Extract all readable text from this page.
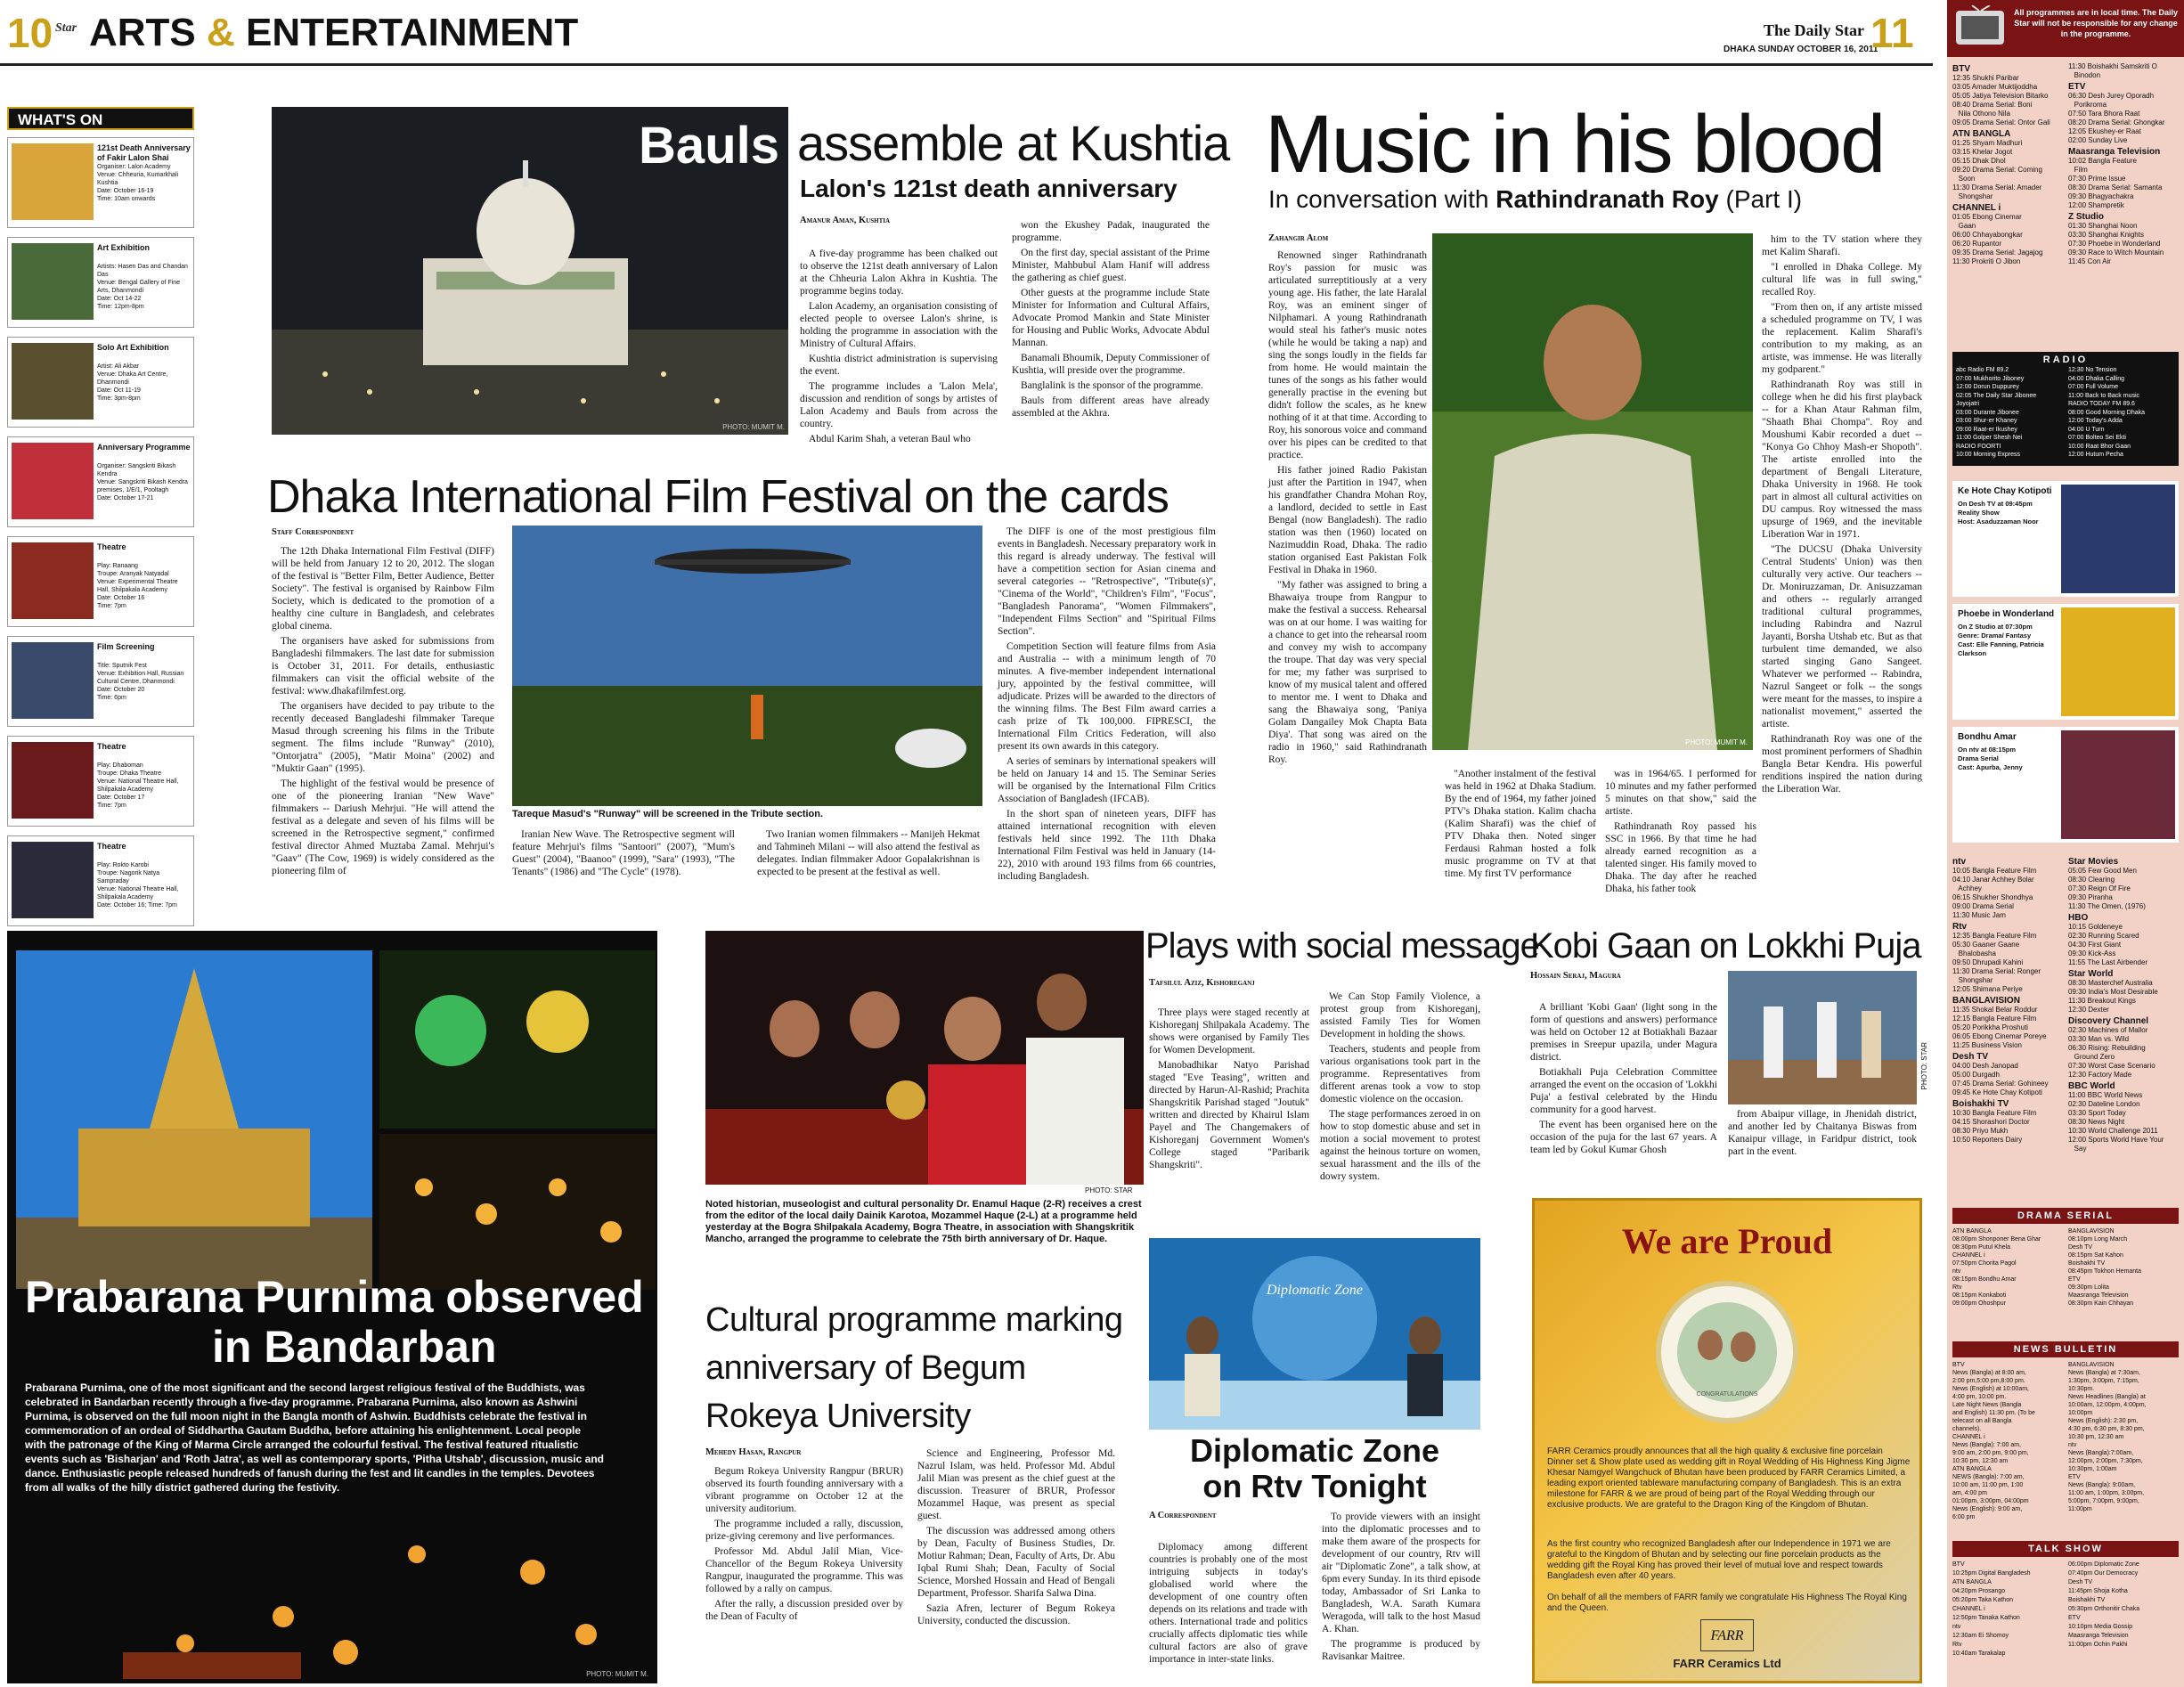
10 Star ARTS & ENTERTAINMENT	The Daily Star
DHAKA SUNDAY OCTOBER 16, 2011
11
WHAT'S ON
121st Death Anniversary of Fakir Lalon Shai
Organiser: Lalon Academy
Venue: Chheuria, Kumarkhali Kushtia
Date: October 16-19
Time: 10am onwards
Art Exhibition
Artists: Hasen Das and Chandan Das
Venue: Bengal Gallery of Fine Arts, Dhanmondi
Date: Oct 14-22
Time: 12pm-8pm
Solo Art Exhibition
Artist: Ali Akbar
Venue: Dhaka Art Centre, Dhanmondi
Date: Oct 11-19
Time: 3pm-8pm
Anniversary Programme
Organiser: Sangskriti Bikash Kendra
Venue: Sangskriti Bikash Kendra premises, 1/E/1, Pooltagh
Date: October 17-21
Theatre
Play: Ranaang
Troupe: Aranyak Natyadal
Venue: Experimental Theatre Hall, Shilpakala Academy
Date: October 16
Time: 7pm
Film Screening
Title: Sputnik Fest
Venue: Exhibition Hall, Russian Cultural Centre, Dhanmondi
Date: October 20
Time: 6pm
Theatre
Play: Dhaboman
Troupe: Dhaka Theatre
Venue: National Theatre Hall, Shilpakala Academy
Date: October 17
Time: 7pm
Theatre
Play: Rokto Karobi
Troupe: Nagorik Natya Sampraday
Venue: National Theatre Hall, Shilpakala Academy
Date: October 16; Time: 7pm
PHOTO: MUMIT M.
Bauls assemble at Kushtia
Lalon's 121st death anniversary
Amanur Aman, Kushtia

A five-day programme has been chalked out to observe the 121st death anniversary of Lalon at the Chheuria Lalon Akhra in Kushtia. The programme begins today.

Lalon Academy, an organisation consisting of elected people to oversee Lalon's shrine, is holding the programme in association with the Ministry of Cultural Affairs.

Kushtia district administration is supervising the event.

The programme includes a 'Lalon Mela', discussion and rendition of songs by artistes of Lalon Academy and Bauls from across the country.

Abdul Karim Shah, a veteran Baul who

won the Ekushey Padak, inaugurated the programme.

On the first day, special assistant of the Prime Minister, Mahbubul Alam Hanif will address the gathering as chief guest.

Other guests at the programme include State Minister for Information and Cultural Affairs, Advocate Promod Mankin and State Minister for Housing and Public Works, Advocate Abdul Mannan.

Banamali Bhoumik, Deputy Commissioner of Kushtia, will preside over the programme.

Banglalink is the sponsor of the programme.

Bauls from different areas have already assembled at the Akhra.

Dhaka International Film Festival on the cards
Staff Correspondent

The 12th Dhaka International Film Festival (DIFF) will be held from January 12 to 20, 2012. The slogan of the festival is "Better Film, Better Audience, Better Society". The festival is organised by Rainbow Film Society, which is dedicated to the promotion of a healthy cine culture in Bangladesh, and celebrates global cinema.

The organisers have asked for submissions from Bangladeshi filmmakers. The last date for submission is October 31, 2011. For details, enthusiastic filmmakers can visit the official website of the festival: www.dhakafilmfest.org.

The organisers have decided to pay tribute to the recently deceased Bangladeshi filmmaker Tareque Masud through screening his films in the Tribute segment. The films include "Runway" (2010), "Ontorjatra" (2005), "Matir Moina" (2002) and "Muktir Gaan" (1995).

The highlight of the festival would be presence of one of the pioneering Iranian "New Wave" filmmakers -- Dariush Mehrjui. "He will attend the festival as a delegate and seven of his films will be screened in the Retrospective segment," confirmed festival director Ahmed Muztaba Zamal. Mehrjui's "Gaav" (The Cow, 1969) is widely considered as the pioneering film of

Tareque Masud's "Runway" will be screened in the Tribute section.

Iranian New Wave. The Retrospective segment will feature Mehrjui's films "Santoori" (2007), "Mum's Guest" (2004), "Baanoo" (1999), "Sara" (1993), "The Tenants" (1986) and "The Cycle" (1978).

Two Iranian women filmmakers -- Manijeh Hekmat and Tahmineh Milani -- will also attend the festival as delegates. Indian filmmaker Adoor Gopalakrishnan is expected to be present at the festival as well.

The DIFF is one of the most prestigious film events in Bangladesh. Necessary preparatory work in this regard is already underway. The festival will have a competition section for Asian cinema and several categories -- "Retrospective", "Tribute(s)", "Cinema of the World", "Children's Film", "Focus", "Bangladesh Panorama", "Women Filmmakers", "Independent Films Section" and "Spiritual Films Section".

Competition Section will feature films from Asia and Australia -- with a minimum length of 70 minutes. A five-member independent international jury, appointed by the festival committee, will adjudicate. Prizes will be awarded to the directors of the winning films. The Best Film award carries a cash prize of Tk 100,000. FIPRESCI, the International Film Critics Federation, will also present its own awards in this category.

A series of seminars by international speakers will be held on January 14 and 15. The Seminar Series will be organised by the International Film Critics Association of Bangladesh (IFCAB).

In the short span of nineteen years, DIFF has attained international recognition with eleven festivals held since 1992. The 11th Dhaka International Film Festival was held in January (14-22), 2010 with around 193 films from 66 countries, including Bangladesh.

Music in his blood
In conversation with Rathindranath Roy (Part I)
Zahangir Alom

Renowned singer Rathindranath Roy's passion for music was articulated surreptitiously at a very young age. His father, the late Haralal Roy, was an eminent singer of Nilphamari. A young Rathindranath would steal his father's music notes (while he would be taking a nap) and sing the songs loudly in the fields far from home. He would maintain the tunes of the songs as his father would generally practise in the evening but didn't follow the scales, as he knew nothing of it at that time. According to Roy, his sonorous voice and command over his pipes can be credited to that practice.

His father joined Radio Pakistan just after the Partition in 1947, when his grandfather Chandra Mohan Roy, a landlord, decided to settle in East Bengal (now Bangladesh). The radio station was then (1960) located on Nazimuddin Road, Dhaka. The radio station organised East Pakistan Folk Festival in Dhaka in 1960.

"My father was assigned to bring a Bhawaiya troupe from Rangpur to make the festival a success. Rehearsal was on at our home. I was waiting for a chance to get into the rehearsal room and convey my wish to accompany the troupe. That day was very special for me; my father was surprised to know of my musical talent and offered to mentor me. I went to Dhaka and sang the Bhawaiya song, 'Paniya Golam Dangailey Mok Chapta Bata Diya'. That song was aired on the radio in 1960," said Rathindranath Roy.

PHOTO: MUMIT M.

"Another instalment of the festival was held in 1962 at Dhaka Stadium. By the end of 1964, my father joined PTV's Dhaka station. Kalim chacha (Kalim Sharafi) was the chief of PTV Dhaka then. Noted singer Ferdausi Rahman hosted a folk music programme on TV at that time. My first TV performance

was in 1964/65. I performed for 10 minutes and my father performed 5 minutes on that show," said the artiste.

Rathindranath Roy passed his SSC in 1966. By that time he had already earned recognition as a talented singer. His family moved to Dhaka. The day after he reached Dhaka, his father took

him to the TV station where they met Kalim Sharafi.

"I enrolled in Dhaka College. My cultural life was in full swing," recalled Roy.

"From then on, if any artiste missed a scheduled programme on TV, I was the replacement. Kalim Sharafi's contribution to my making, as an artiste, was immense. He was literally my godparent."

Rathindranath Roy was still in college when he did his first playback -- for a Khan Ataur Rahman film, "Shaath Bhai Chompa". Roy and Moushumi Kabir recorded a duet -- "Konya Go Chhoy Mash-er Shopoth". The artiste enrolled into the department of Bengali Literature, Dhaka University in 1968. He took part in almost all cultural activities on DU campus. Roy witnessed the mass upsurge of 1969, and the inevitable Liberation War in 1971.

"The DUCSU (Dhaka University Central Students' Union) was then culturally very active. Our teachers -- Dr. Moniruzzaman, Dr. Anisuzzaman and others -- regularly arranged traditional cultural programmes, including Rabindra and Nazrul Jayanti, Borsha Utshab etc. But as that turbulent time demanded, we also started singing Gano Sangeet. Whatever we performed -- Rabindra, Nazrul Sangeet or folk -- the songs were meant for the masses, to inspire a nationalist movement," asserted the artiste.

Rathindranath Roy was one of the most prominent performers of Shadhin Bangla Betar Kendra. His powerful renditions inspired the nation during the Liberation War.

Prabarana Purnima observed
in Bandarban
Prabarana Purnima, one of the most significant and the second largest religious festival of the Buddhists, was celebrated in Bandarban recently through a five-day programme. Prabarana Purnima, also known as Ashwini Purnima, is observed on the full moon night in the Bangla month of Ashwin. Buddhists celebrate the festival in commemoration of an ordeal of Siddhartha Gautam Buddha, before attaining his enlightenment. Local people with the patronage of the King of Marma Circle arranged the colourful festival. The festival featured ritualistic events such as 'Bisharjan' and 'Roth Jatra', as well as contemporary sports, 'Pitha Utshab', discussion, music and dance. Enthusiastic people released hundreds of fanush during the fest and lit candles in the temples. Devotees from all walks of the hilly district gathered during the festivity.
PHOTO: MUMIT M.
PHOTO: STAR
Noted historian, museologist and cultural personality Dr. Enamul Haque (2-R) receives a crest from the editor of the local daily Dainik Karotoa, Mozammel Haque (2-L) at a programme held yesterday at the Bogra Shilpakala Academy, Bogra Theatre, in association with Shangskritik Mancho, arranged the programme to celebrate the 75th birth anniversary of Dr. Haque.
Cultural programme marking anniversary of Begum Rokeya University
Mehedy Hasan, Rangpur

Begum Rokeya University Rangpur (BRUR) observed its fourth founding anniversary with a vibrant programme on October 12 at the university auditorium.

The programme included a rally, discussion, prize-giving ceremony and live performances.

Professor Md. Abdul Jalil Mian, Vice-Chancellor of the Begum Rokeya University Rangpur, inaugurated the programme. This was followed by a rally on campus.

After the rally, a discussion presided over by the Dean of Faculty of

Science and Engineering, Professor Md. Nazrul Islam, was held. Professor Md. Abdul Jalil Mian was present as the chief guest at the discussion. Treasurer of BRUR, Professor Mozammel Haque, was present as special guest.

The discussion was addressed among others by Dean, Faculty of Business Studies, Dr. Motiur Rahman; Dean, Faculty of Arts, Dr. Abu Iqbal Rumi Shah; Dean, Faculty of Social Science, Morshed Hossain and Head of Bengali Department, Professor. Sharifa Salwa Dina.

Sazia Afren, lecturer of Begum Rokeya University, conducted the discussion.

Plays with social message
Tafsilul Aziz, Kishoreganj

Three plays were staged recently at Kishoreganj Shilpakala Academy. The shows were organised by Family Ties for Women Development.

Manobadhikar Natyo Parishad staged "Eve Teasing", written and directed by Harun-Al-Rashid; Prachita Shangskritik Parishad staged "Joutuk" written and directed by Khairul Islam Payel and The Changemakers of Kishoreganj Government Women's College staged "Paribarik Shangskriti".

We Can Stop Family Violence, a protest group from Kishoreganj, assisted Family Ties for Women Development in holding the shows.

Teachers, students and people from various organisations took part in the programme. Representatives from different arenas took a vow to stop domestic violence on the occasion.

The stage performances zeroed in on how to stop domestic abuse and set in motion a social movement to protest against the heinous torture on women, sexual harassment and the ills of the dowry system.

Kobi Gaan on Lokkhi Puja
Hossain Seraj, Magura

A brilliant 'Kobi Gaan' (light song in the form of questions and answers) performance was held on October 12 at Botiakhali Bazaar premises in Sreepur upazila, under Magura district.

Botiakhali Puja Celebration Committee arranged the event on the occasion of 'Lokkhi Puja' a festival celebrated by the Hindu community for a good harvest.

The event has been organised here on the occasion of the puja for the last 67 years. A team led by Gokul Kumar Ghosh

PHOTO: STAR

from Abaipur village, in Jhenidah district, and another led by Chaitanya Biswas from Kanaipur village, in Faridpur district, took part in the event.

Diplomatic Zone
Diplomatic Zone
on Rtv Tonight
A Correspondent

Diplomacy among different countries is probably one of the most intriguing subjects in today's globalised world where the development of one country often depends on its relations and trade with others. International trade and politics crucially affects diplomatic ties while cultural factors are also of grave importance in inter-state links.

To provide viewers with an insight into the diplomatic processes and to make them aware of the prospects for development of our country, Rtv will air "Diplomatic Zone", a talk show, at 6pm every Sunday. In its third episode today, Ambassador of Sri Lanka to Bangladesh, W.A. Sarath Kumara Weragoda, will talk to the host Masud A. Khan.

The programme is produced by Ravisankar Maitree.

We are Proud
CONGRATULATIONS
FARR Ceramics proudly announces that all the high quality & exclusive fine porcelain Dinner set & Show plate used as wedding gift in Royal Wedding of His Highness King Jigme Khesar Namgyel Wangchuck of Bhutan have been produced by FARR Ceramics Limited, a leading export oriented tableware manufacturing company of Bangladesh. This is an extra milestone for FARR & we are proud of being part of the Royal Wedding through our exclusive products. We are grateful to the Dragon King of the Kingdom of Bhutan.
As the first country who recognized Bangladesh after our Independence in 1971 we are grateful to the Kingdom of Bhutan and by selecting our fine porcelain products as the wedding gift the Royal King has proved their level of mutual love and respect towards Bangladesh even after 40 years.
On behalf of all the members of FARR family we congratulate His Highness The Royal King and the Queen.
FARR
FARR Ceramics Ltd
All programmes are in local time. The Daily Star will not be responsible for any change in the programme.
BTV
12:35 Shukhi Paribar
03:05 Amader Muktijoddha
05:05 Jatiya Television Bitarko
08:40 Drama Serial: Boni
Nila Othono Nila
09:05 Drama Serial: Ontor Gali
ATN BANGLA
01:25 Shyam Madhuri
03:15 Khelar Jogot
05:15 Dhak Dhol
09:20 Drama Serial: Coming
Soon
11:30 Drama Serial: Amader
Shongshar
CHANNEL i
01:05 Ebong Cinemar
Gaan
06:00 Chhayabongkar
06:20 Rupantor
09:35 Drama Serial: Jagajog
11:30 Prokriti O Jibon
11:30 Boishakhi Samskriti O
Binodon
ETV
06:30 Desh Jurey Oporadh
Porikroma
07:50 Tara Bhora Raat
08:20 Drama Serial: Ghongkar
12:05 Ekushey-er Raat
02:00 Sunday Live
Maasranga Television
10:02 Bangla Feature
Film
07:30 Prime Issue
08:30 Drama Serial: Samanta
09:30 Bhagyachakra
12:00 Shampretik
Z Studio
01:30 Shanghai Noon
03:30 Shanghai Knights
07:30 Phoebe in Wonderland
09:30 Race to Witch Mountain
11:45 Con Air
RADIO
abc Radio FM 89.2
07:00 Mukhorito Jiboney
12:00 Dorun Duppurey
02:05 The Daily Star Jibonee
Joyojatri
03:00 Durante Jibonee
03:00 Shur-er Khaney
09:00 Raat-er Ikushey
11:00 Golper Shesh Nei
RADIO FOORTI
10:00 Morning Express
12:30 No Tension
04:00 Dhaka Calling
07:00 Full Volume
11:00 Back to Back music
RADIO TODAY FM 89.6
08:00 Good Morning Dhaka
12:00 Today's Adda
04:00 U Turn
07:00 Bolteo Sei Ekti
10:00 Raat Bhor Gaan
12:00 Hutum Pecha
Ke Hote Chay Kotipoti
On Desh TV at 09:45pm
Reality Show
Host: Asaduzzaman Noor
Phoebe in Wonderland
On Z Studio at 07:30pm
Genre: Drama/ Fantasy
Cast: Elle Fanning, Patricia Clarkson
Bondhu Amar
On ntv at 08:15pm
Drama Serial
Cast: Apurba, Jenny
ntv
10:05 Bangla Feature Film
04:10 Janar Achhey Bolar
Achhey
06:15 Shukher Shondhya
09:00 Drama Serial
11:30 Music Jam
Rtv
12:35 Bangla Feature Film
05:30 Gaaner Gaane
Bhalobasha
09:50 Dhrupadi Kahini
11:30 Drama Serial: Ronger
Shongshar
12:05 Shimana Periye
BANGLAVISION
11:35 Shokal Belar Roddur
12:15 Bangla Feature Film
05:20 Porikkha Proshuti
06:05 Ebong Cinemar Poreye
11:25 Business Vision
Desh TV
04:00 Desh Janopad
05:00 Durgadh
07:45 Drama Serial: Gohineey
09:45 Ke Hote Chay Kotipoti
Boishakhi TV
10:30 Bangla Feature Film
04:15 Shorashori Doctor
08:30 Priyo Mukh
10:50 Reporters Dairy
Star Movies
05:05 Few Good Men
08:30 Clearing
07:30 Reign Of Fire
09:30 Piranha
11:30 The Omen, (1976)
HBO
10:15 Goldeneye
02:30 Running Scared
04:30 First Giant
09:30 Kick-Ass
11:55 The Last Airbender
Star World
08:30 Masterchef Australia
09:30 India's Most Desirable
11:30 Breakout Kings
12:30 Dexter
Discovery Channel
02:30 Machines of Mallor
03:30 Man vs. Wild
06:30 Rising: Rebuilding
Ground Zero
07:30 Worst Case Scenario
12:30 Factory Made
BBC World
11:00 BBC World News
02:30 Dateline London
03:30 Sport Today
08:30 News Night
10:30 World Challenge 2011
12:00 Sports World Have Your
Say
DRAMA SERIAL
ATN BANGLA
08:00pm Shonponer Bena Ghar
08:30pm Putul Khela
CHANNEL i
07:50pm Chorita Pagol
ntv
08:15pm Bondhu Amar
Rtv
08:15pm Konkaboti
09:00pm Ohoshpur
BANGLAVISION
08:10pm Long March
Desh TV
08:15pm Sat Kahon
Boishakhi TV
08:45pm Tokhon Hemanta
ETV
09:30pm Lolita
Maasranga Television
08:30pm Kain Chhayan
NEWS BULLETIN
BTV
News (Bangla) at 8:00 am,
2:00 pm,5:00 pm,8:00 pm.
News (English) at 10:00am,
4:00 pm, 10:00 pm.
Late Night News (Bangla
and English) 11:30 pm. (To be
telecast on all Bangla
channels).
CHANNEL i
News (Bangla): 7:00 am,
9:00 am, 2:00 pm, 9:00 pm,
10:30 pm, 12:30 am
ATN BANGLA
NEWS (Bangla): 7:00 am,
10:00 am, 11:00 pm, 1:00
am, 4:00 pm
01:00pm, 3:00pm, 04:00pm
News (English): 9:00 am,
6:00 pm
BANGLAVISION
News (Bangla) at 7:30am,
1:30pm, 3:00pm, 7:15pm,
10:30pm.
News Headlines (Bangla) at
10:00am, 12:00pm, 4:00pm,
10:00pm
News (English): 2:30 pm,
4:30 pm, 6:30 pm, 8:30 pm,
10:30 pm, 12:30 am
ntv
News (Bangla):7:00am,
12:00pm, 2:00pm, 7:30pm,
10:30pm, 1:00am
ETV
News (Bangla): 9:00am,
11:00 am, 1:00pm, 3:00pm,
5:00pm, 7:00pm, 9:00pm,
11:00pm
TALK SHOW
BTV
10:25pm Digital Bangladesh
ATN BANGLA
04:20pm Prosango
05:20pm Taka Kathon
CHANNEL i
12:50pm Tanaka Kathon
ntv
12:30am Ei Shomoy
Rtv
10:40am Tarakalap
06:00pm Diplomatic Zone
07:40pm Our Democracy
Desh TV
11:45pm Shoja Kotha
Boishakhi TV
05:30pm Orthonitir Chaka
ETV
10:10pm Media Gossip
Maasranga Television
11:00pm Ochin Pakhi
